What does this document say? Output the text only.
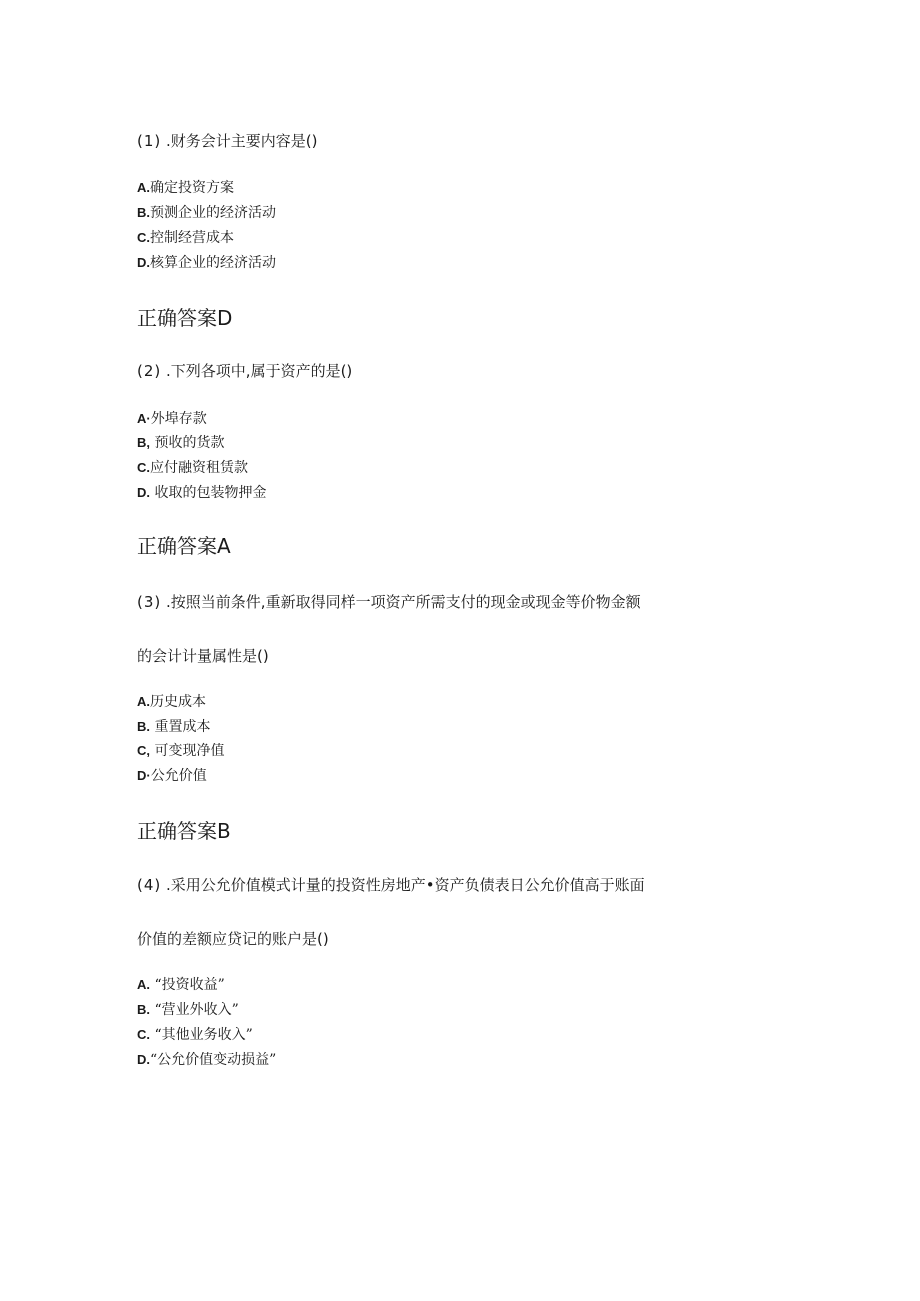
(1) .财务会计主要内容是()
A.确定投资方案
B.预测企业的经济活动
C.控制经营成本
D.核算企业的经济活动
正确答案D
(2) .下列各项中,属于资产的是()
A·外埠存款
B, 预收的货款
C.应付融资租赁款
D. 收取的包装物押金
正确答案A
(3) .按照当前条件,重新取得同样一项资产所需支付的现金或现金等价物金额
的会计计量属性是()
A.历史成本
B. 重置成本
C, 可变现净值
D·公允价值
正确答案B
(4) .采用公允价值模式计量的投资性房地产•资产负债表日公允价值高于账面
价值的差额应贷记的账户是()
A. “投资收益”
B. “营业外收入”
C. “其他业务收入”
D.“公允价值变动损益”
